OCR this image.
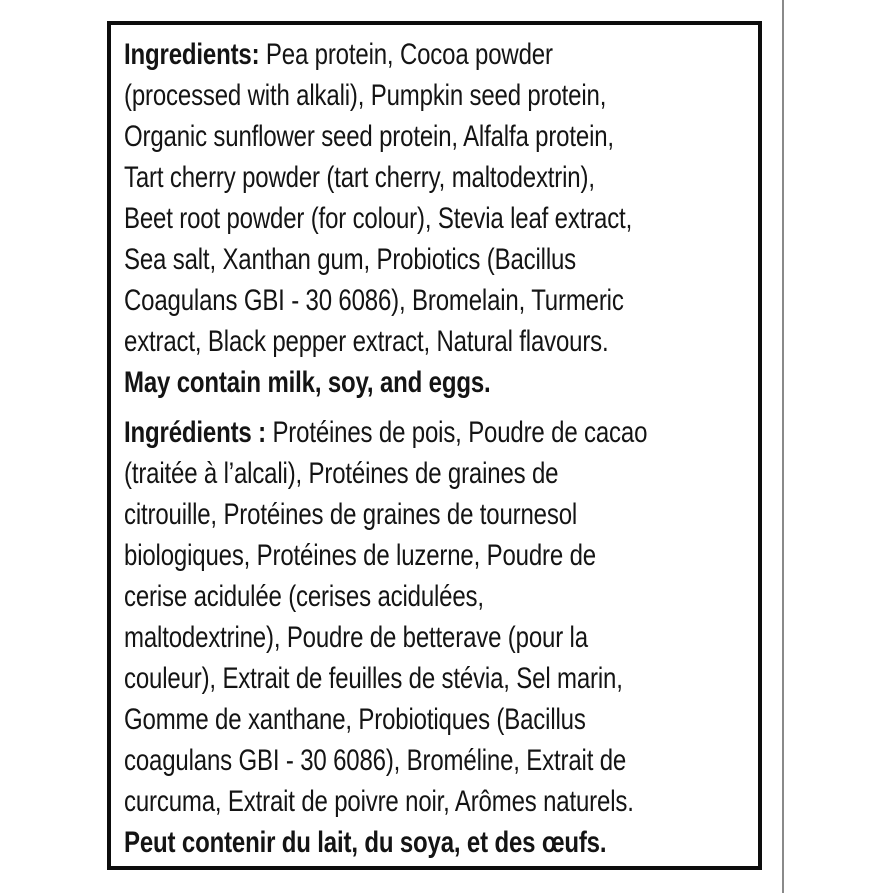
Ingredients: Pea protein, Cocoa powder
(processed with alkali), Pumpkin seed protein,
Organic sunflower seed protein, Alfalfa protein,
Tart cherry powder (tart cherry, maltodextrin),
Beet root powder (for colour), Stevia leaf extract,
Sea salt, Xanthan gum, Probiotics (Bacillus
Coagulans GBI - 30 6086), Bromelain, Turmeric
extract, Black pepper extract, Natural flavours.
May contain milk, soy, and eggs.
Ingrédients : Protéines de pois, Poudre de cacao
(traitée à l’alcali), Protéines de graines de
citrouille, Protéines de graines de tournesol
biologiques, Protéines de luzerne, Poudre de
cerise acidulée (cerises acidulées,
maltodextrine), Poudre de betterave (pour la
couleur), Extrait de feuilles de stévia, Sel marin,
Gomme de xanthane, Probiotiques (Bacillus
coagulans GBI - 30 6086), Broméline, Extrait de
curcuma, Extrait de poivre noir, Arômes naturels.
Peut contenir du lait, du soya, et des œufs.
